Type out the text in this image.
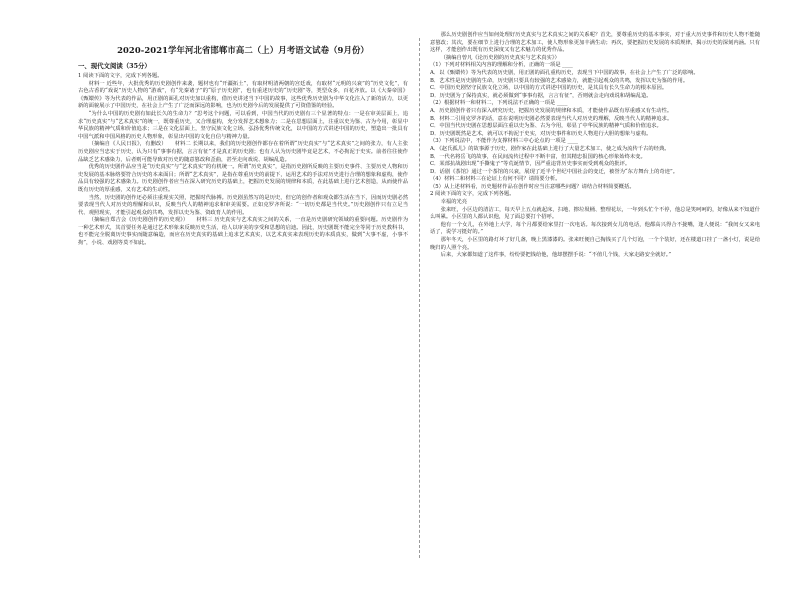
2020-2021学年河北省邯郸市高二（上）月考语文试卷（9月份）
一、现代文阅读（35分）

1 阅读下面的文字，完成下列各题。

材料一 近些年，大批优秀的历史剧创作来袭，题材也有“开疆拓土”，有取材明清两朝的宫廷戏，有取材“元明的兴衰”的“历史文化”，有古色古香的“戏说”历史人物的“游戏”，有“先秦诸子”的“原子历史剧”，也有重述历史的“历史剧”等，类型众多，百花齐放。以《大秦帝国》《甄嬛传》等为代表的作品，用正剧的面孔对历史加以重构，借历史讲述当下中国的故事，这些优秀历史剧为中华文化注入了新的活力，以更新的面貌展示了中国历史，在社会上产生了广泛而深远的影响，也为历史剧今后的发展提供了可资借鉴的经验。

“为什么中国的历史剧有如此长久的生命力？”思考这个问题，可以看到，中国当代的历史剧有三个显著的特点：一是在审美层面上，追求“历史真实”与“艺术真实”的统一，既尊重历史，又合理虚构，充分发挥艺术想象力；二是在思想层面上，注重以史为鉴、古为今用，彰显中华民族的精神气质和价值追求；三是在文化层面上，坚守民族文化立场，弘扬优秀传统文化，以中国的方式讲述中国的历史，塑造出一批具有中国气派和中国风格的历史人物形象，彰显出中国的文化自信与精神力量。

（摘编自《人民日报》，有删改）　　材料二 长期以来，我们的历史剧创作都存在着所谓“历史真实”与“艺术真实”之间的张力，有人主张历史剧应当忠实于历史，认为只有“事事有据，言言有征”才是真正的历史剧；也有人认为历史剧毕竟是艺术，不必拘泥于史实。前者往往使作品缺乏艺术感染力，后者则可能导致对历史的随意篡改和歪曲，甚至走向戏说、胡编乱造。

优秀的历史剧作品应当是“历史真实”与“艺术真实”的有机统一。所谓“历史真实”，是指历史剧所反映的主要历史事件、主要历史人物和历史发展的基本脉络要符合历史的本来面目；所谓“艺术真实”，是指在尊重历史的前提下，运用艺术的手法对历史进行合理的想象和虚构，使作品具有较强的艺术感染力。历史剧创作者应当在深入研究历史的基础上，把握历史发展的规律和本质，在此基础上进行艺术创造，从而使作品既有历史的厚重感，又有艺术的生动性。

当然，历史剧的创作还必须注重现实关照，把握时代脉搏。历史剧虽然写的是历史，但它的创作者和观众都生活在当下，因而历史剧必然要表现当代人对历史的理解和认识，反映当代人的精神追求和审美需要。正如克罗齐所说：“一切历史都是当代史。”历史剧创作只有立足当代、观照现实，才能引起观众的共鸣，发挥以史为鉴、资政育人的作用。

（摘编自郑吉会《历史剧创作的历史观》）　　材料三 历史真实与艺术真实之间的关系，一直是历史剧研究领域的重要问题。历史剧作为一种艺术形式，其首要任务是通过艺术形象来反映历史生活，给人以审美的享受和思想的启迪。因此，历史剧既不能完全等同于历史教科书，也不能完全脱离历史事实而随意编造，而应在历史真实的基础上追求艺术真实，以艺术真实来表现历史的本质真实，做到“大事不虚，小事不拘”，小说、戏剧等莫不如此。

那么历史剧创作应当如何处理好历史真实与艺术真实之间的关系呢？首先，要尊重历史的基本事实，对于重大历史事件和历史人物不能随意篡改；其次，要在细节上进行合理的艺术加工，使人物形象更加丰满生动；再次，要把握历史发展的本质规律，揭示历史的深刻内涵。只有这样，才能创作出既有历史深度又有艺术魅力的优秀作品。

（摘编自曾凡《论历史剧的历史真实与艺术真实》）

（1）下列对材料相关内容的理解和分析，正确的一项是 ____

A．以《甄嬛传》等为代表的历史剧，用正剧的面孔重构历史，表现当下中国的故事，在社会上产生了广泛的影响。

B．艺术性是历史剧的生命，历史剧只要具有较强的艺术感染力，就能引起观众的共鸣，发挥以史为鉴的作用。

C．中国历史剧坚守民族文化立场，以中国的方式讲述中国的历史，是其具有长久生命力的根本原因。

D．历史剧为了保持真实，就必须做到“事事有据，言言有征”，否则就会走向戏说和胡编乱造。

（2）根据材料一和材料二，下列说法不正确的一项是 ____

A．历史剧创作者只有深入研究历史，把握历史发展的规律和本质，才能使作品既有厚重感又有生动性。

B．材料二引用克罗齐的话，意在说明历史剧必然要表现当代人对历史的理解，反映当代人的精神追求。

C．中国当代历史剧在思想层面注重以史为鉴、古为今用，彰显了中华民族的精神气质和价值追求。

D．历史剧既然是艺术，就可以不拘泥于史实，对历史事件和历史人物进行大胆的想象与虚构。

（3）下列说法中，不能作为支撑材料三中心论点的一项是 ____

A．《赵氏孤儿》的故事源于历史，剧作家在此基础上进行了大量艺术加工，使之成为流传千古的经典。

B．一代名将岳飞的故事，在民间流传过程中不断丰富，但其精忠报国的核心形象始终未变。

C．某部抗战剧出现“手撕鬼子”等荒诞情节，因严重违背历史事实而受到观众的批评。

D．话剧《茶馆》通过一个茶馆的兴衰，展现了近半个世纪中国社会的变迁，被誉为“东方舞台上的奇迹”。

（4）材料二和材料三在论证上有何不同？请简要分析。

（5）从上述材料看，历史题材作品在创作时应当注意哪些问题？请结合材料简要概括。

2 阅读下面的文字，完成下列各题。

幸福的光亮

张来旺，小区边的清洁工，每天早上五点就起床，扫地、擦垃圾桶、整理花坛，一年到头忙个不停，他总是笑呵呵的，好像从来不知道什么叫累。小区里的人都认识他，见了面总要打个招呼。

他有一个女儿，在外地上大学，每个月都要给家里打一次电话。每次接到女儿的电话，他都高兴得合不拢嘴，逢人便说：“我闺女又来电话了，说学习挺好的。”

那年冬天，小区里的路灯坏了好几盏，晚上黑漆漆的。张来旺便自己掏钱买了几个灯泡，一个个装好，还在楼道口挂了一盏小灯，说是给晚归的人照个亮。

后来，大家都知道了这件事，纷纷要把钱给他，他却摆摆手说：“不值几个钱，大家走路安全就好。”
